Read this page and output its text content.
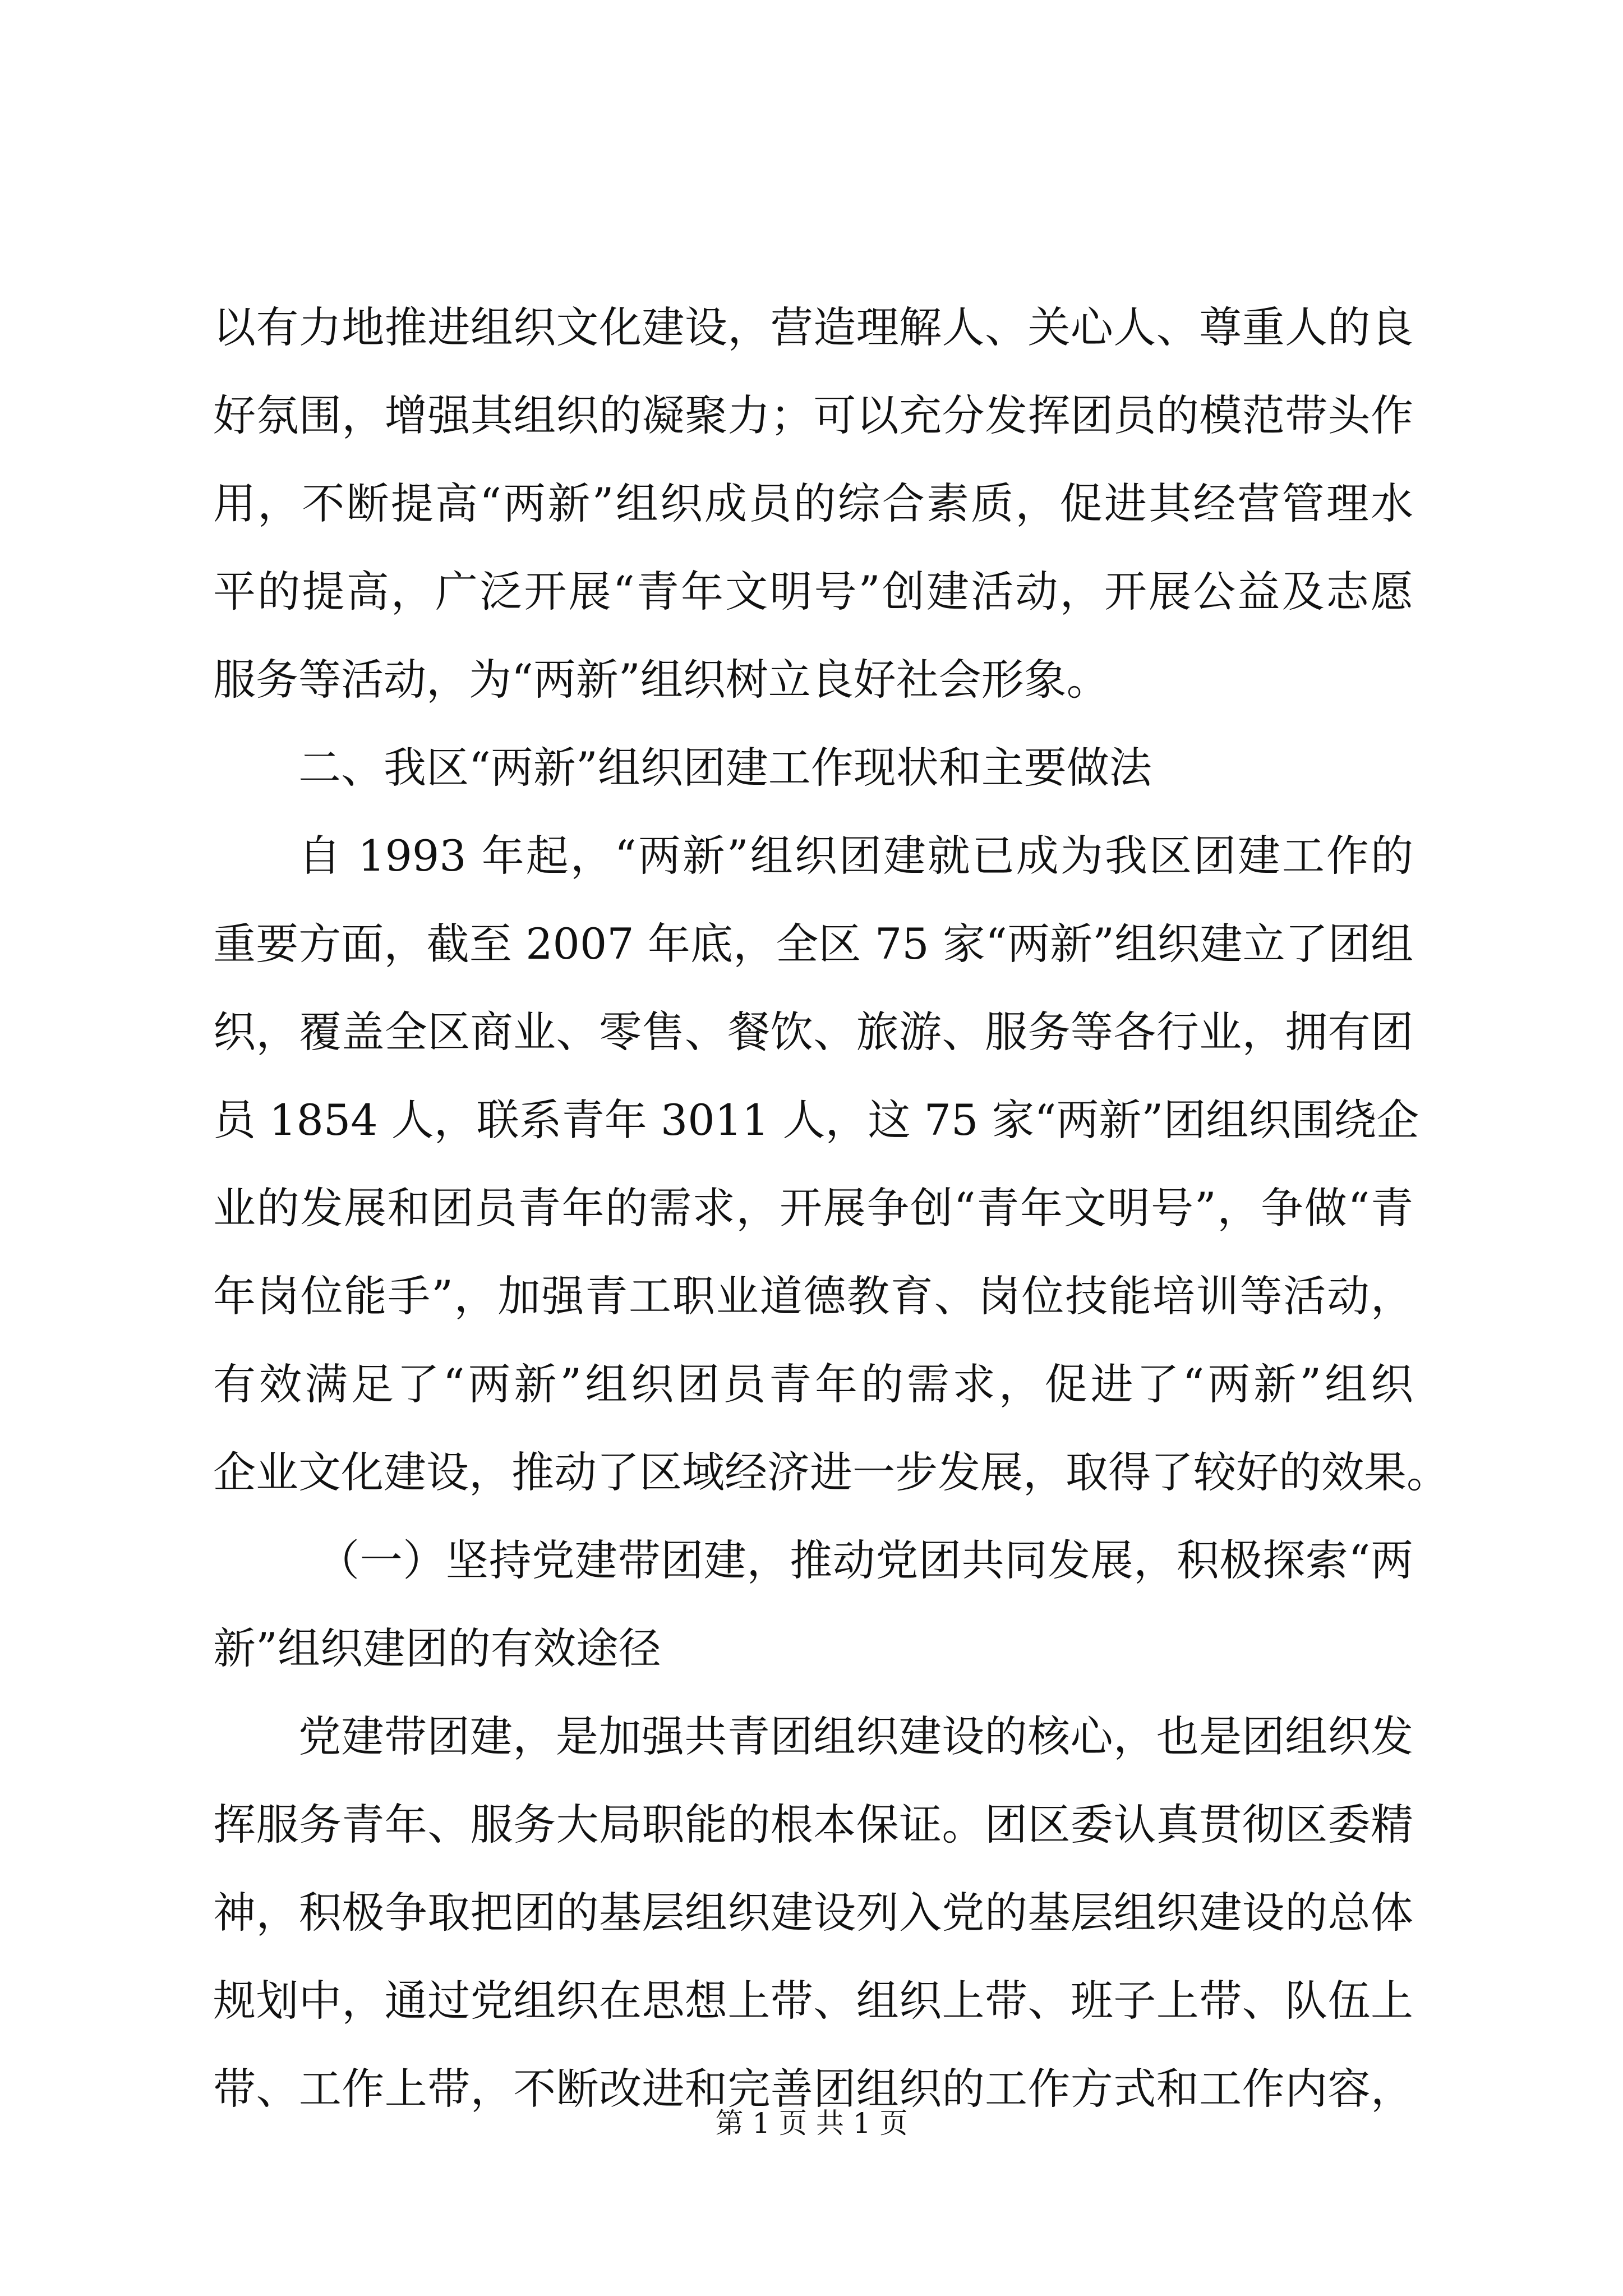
以有力地推进组织文化建设，营造理解人、关心人、尊重人的良
好氛围，增强其组织的凝聚力；可以充分发挥团员的模范带头作
用，不断提高“两新”组织成员的综合素质，促进其经营管理水
平的提高，广泛开展“青年文明号”创建活动，开展公益及志愿
服务等活动，为“两新”组织树立良好社会形象。
二、我区“两新”组织团建工作现状和主要做法
自 1993 年起，“两新”组织团建就已成为我区团建工作的
重要方面，截至 2007 年底，全区 75 家“两新”组织建立了团组
织，覆盖全区商业、零售、餐饮、旅游、服务等各行业，拥有团
员 1854 人，联系青年 3011 人，这 75 家“两新”团组织围绕企
业的发展和团员青年的需求，开展争创“青年文明号”，争做“青
年岗位能手”，加强青工职业道德教育、岗位技能培训等活动，
有效满足了“两新”组织团员青年的需求，促进了“两新”组织
企业文化建设，推动了区域经济进一步发展，取得了较好的效果。
（一）坚持党建带团建，推动党团共同发展，积极探索“两
新”组织建团的有效途径
党建带团建，是加强共青团组织建设的核心，也是团组织发
挥服务青年、服务大局职能的根本保证。团区委认真贯彻区委精
神，积极争取把团的基层组织建设列入党的基层组织建设的总体
规划中，通过党组织在思想上带、组织上带、班子上带、队伍上
带、工作上带，不断改进和完善团组织的工作方式和工作内容，
第 1 页 共 1 页
